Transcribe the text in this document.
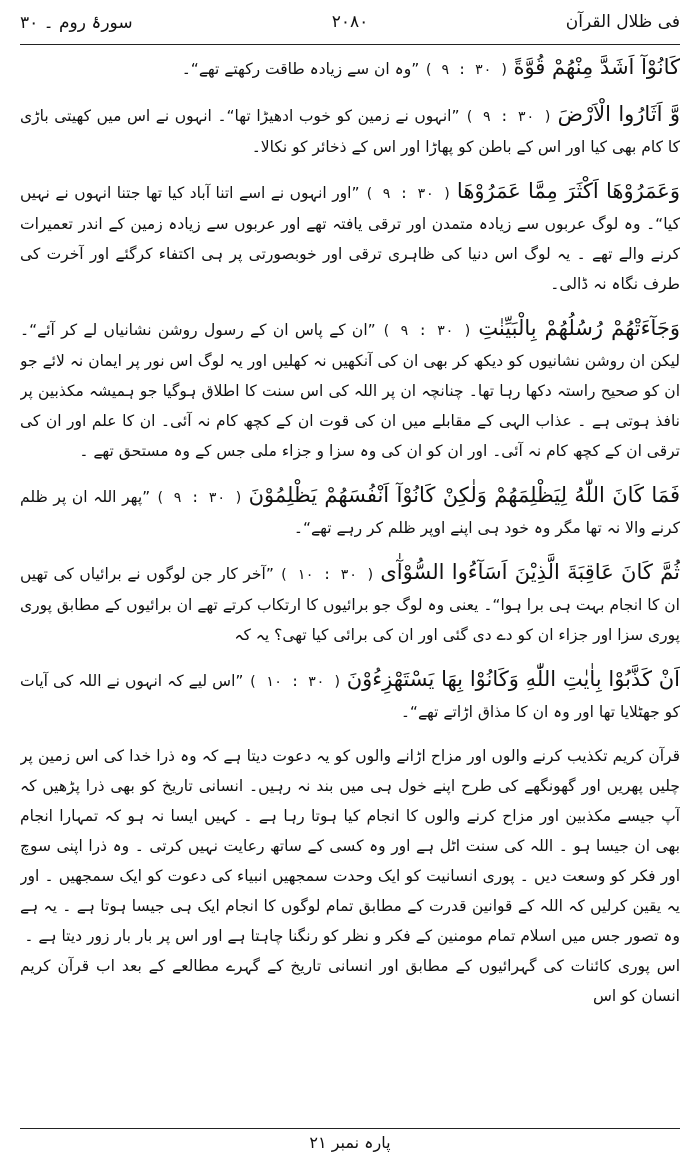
فی ظلال القرآن
۲۰۸۰
سورۂ روم ۔ ۳۰

كَانُوْآ اَشَدَّ مِنْهُمْ قُوَّةً ( ۳۰ : ۹ ) ”وہ ان سے زیادہ طاقت رکھتے تھے“۔

وَّ اَثَارُوا الْاَرْضَ ( ۳۰ : ۹ ) ”انہوں نے زمین کو خوب ادھیڑا تھا“۔ انہوں نے اس میں کھیتی باڑی کا کام بھی کیا اور اس کے باطن کو پھاڑا اور اس کے ذخائر کو نکالا۔

وَعَمَرُوْهَا اَكْثَرَ مِمَّا عَمَرُوْهَا ( ۳۰ : ۹ ) ”اور انہوں نے اسے اتنا آباد کیا تھا جتنا انہوں نے نہیں کیا“۔ وہ لوگ عربوں سے زیادہ متمدن اور ترقی یافتہ تھے اور عربوں سے زیادہ زمین کے اندر تعمیرات کرنے والے تھے ۔ یہ لوگ اس دنیا کی ظاہری ترقی اور خوبصورتی پر ہی اکتفاء کرگئے اور آخرت کی طرف نگاہ نہ ڈالی۔

وَجَآءَتْهُمْ رُسُلُهُمْ بِالْبَيِّنٰتِ ( ۳۰ : ۹ ) ”ان کے پاس ان کے رسول روشن نشانیاں لے کر آئے“۔ لیکن ان روشن نشانیوں کو دیکھ کر بھی ان کی آنکھیں نہ کھلیں اور یہ لوگ اس نور پر ایمان نہ لائے جو ان کو صحیح راستہ دکھا رہا تھا۔ چنانچہ ان پر اللہ کی اس سنت کا اطلاق ہوگیا جو ہمیشہ مکذبین پر نافذ ہوتی ہے ۔ عذاب الہی کے مقابلے میں ان کی قوت ان کے کچھ کام نہ آئی۔ ان کا علم اور ان کی ترقی ان کے کچھ کام نہ آئی۔ اور ان کو ان کی وہ سزا و جزاء ملی جس کے وہ مستحق تھے ۔

فَمَا كَانَ اللّٰهُ لِيَظْلِمَهُمْ وَلٰكِنْ كَانُوْآ اَنْفُسَهُمْ يَظْلِمُوْنَ ( ۳۰ : ۹ ) ”پھر اللہ ان پر ظلم کرنے والا نہ تھا مگر وہ خود ہی اپنے اوپر ظلم کر رہے تھے“۔

ثُمَّ كَانَ عَاقِبَةَ الَّذِيْنَ اَسَآءُوا السُّوْآٰى ( ۳۰ : ۱۰ ) ”آخر کار جن لوگوں نے برائیاں کی تھیں ان کا انجام بہت ہی برا ہوا“۔ یعنی وہ لوگ جو برائیوں کا ارتکاب کرتے تھے ان برائیوں کے مطابق پوری پوری سزا اور جزاء ان کو دے دی گئی اور ان کی برائی کیا تھی؟ یہ کہ

اَنْ كَذَّبُوْا بِاٰيٰتِ اللّٰهِ وَكَانُوْا بِهَا يَسْتَهْزِءُوْنَ ( ۳۰ : ۱۰ ) ”اس لیے کہ انہوں نے اللہ کی آیات کو جھٹلایا تھا اور وہ ان کا مذاق اڑاتے تھے“۔

قرآن کریم تکذیب کرنے والوں اور مزاح اڑانے والوں کو یہ دعوت دیتا ہے کہ وہ ذرا خدا کی اس زمین پر چلیں پھریں اور گھونگھے کی طرح اپنے خول ہی میں بند نہ رہیں۔ انسانی تاریخ کو بھی ذرا پڑھیں کہ آپ جیسے مکذبین اور مزاح کرنے والوں کا انجام کیا ہوتا رہا ہے ۔ کہیں ایسا نہ ہو کہ تمہارا انجام بھی ان جیسا ہو ۔ اللہ کی سنت اٹل ہے اور وہ کسی کے ساتھ رعایت نہیں کرتی ۔ وہ ذرا اپنی سوچ اور فکر کو وسعت دیں ۔ پوری انسانیت کو ایک وحدت سمجھیں انبیاء کی دعوت کو ایک سمجھیں ۔ اور یہ یقین کرلیں کہ اللہ کے قوانین قدرت کے مطابق تمام لوگوں کا انجام ایک ہی جیسا ہوتا ہے ۔ یہ ہے وہ تصور جس میں اسلام تمام مومنین کے فکر و نظر کو رنگنا چاہتا ہے اور اس پر بار بار زور دیتا ہے ۔

اس پوری کائنات کی گہرائیوں کے مطابق اور انسانی تاریخ کے گہرے مطالعے کے بعد اب قرآن کریم انسان کو اس

پارہ نمبر ۲۱
